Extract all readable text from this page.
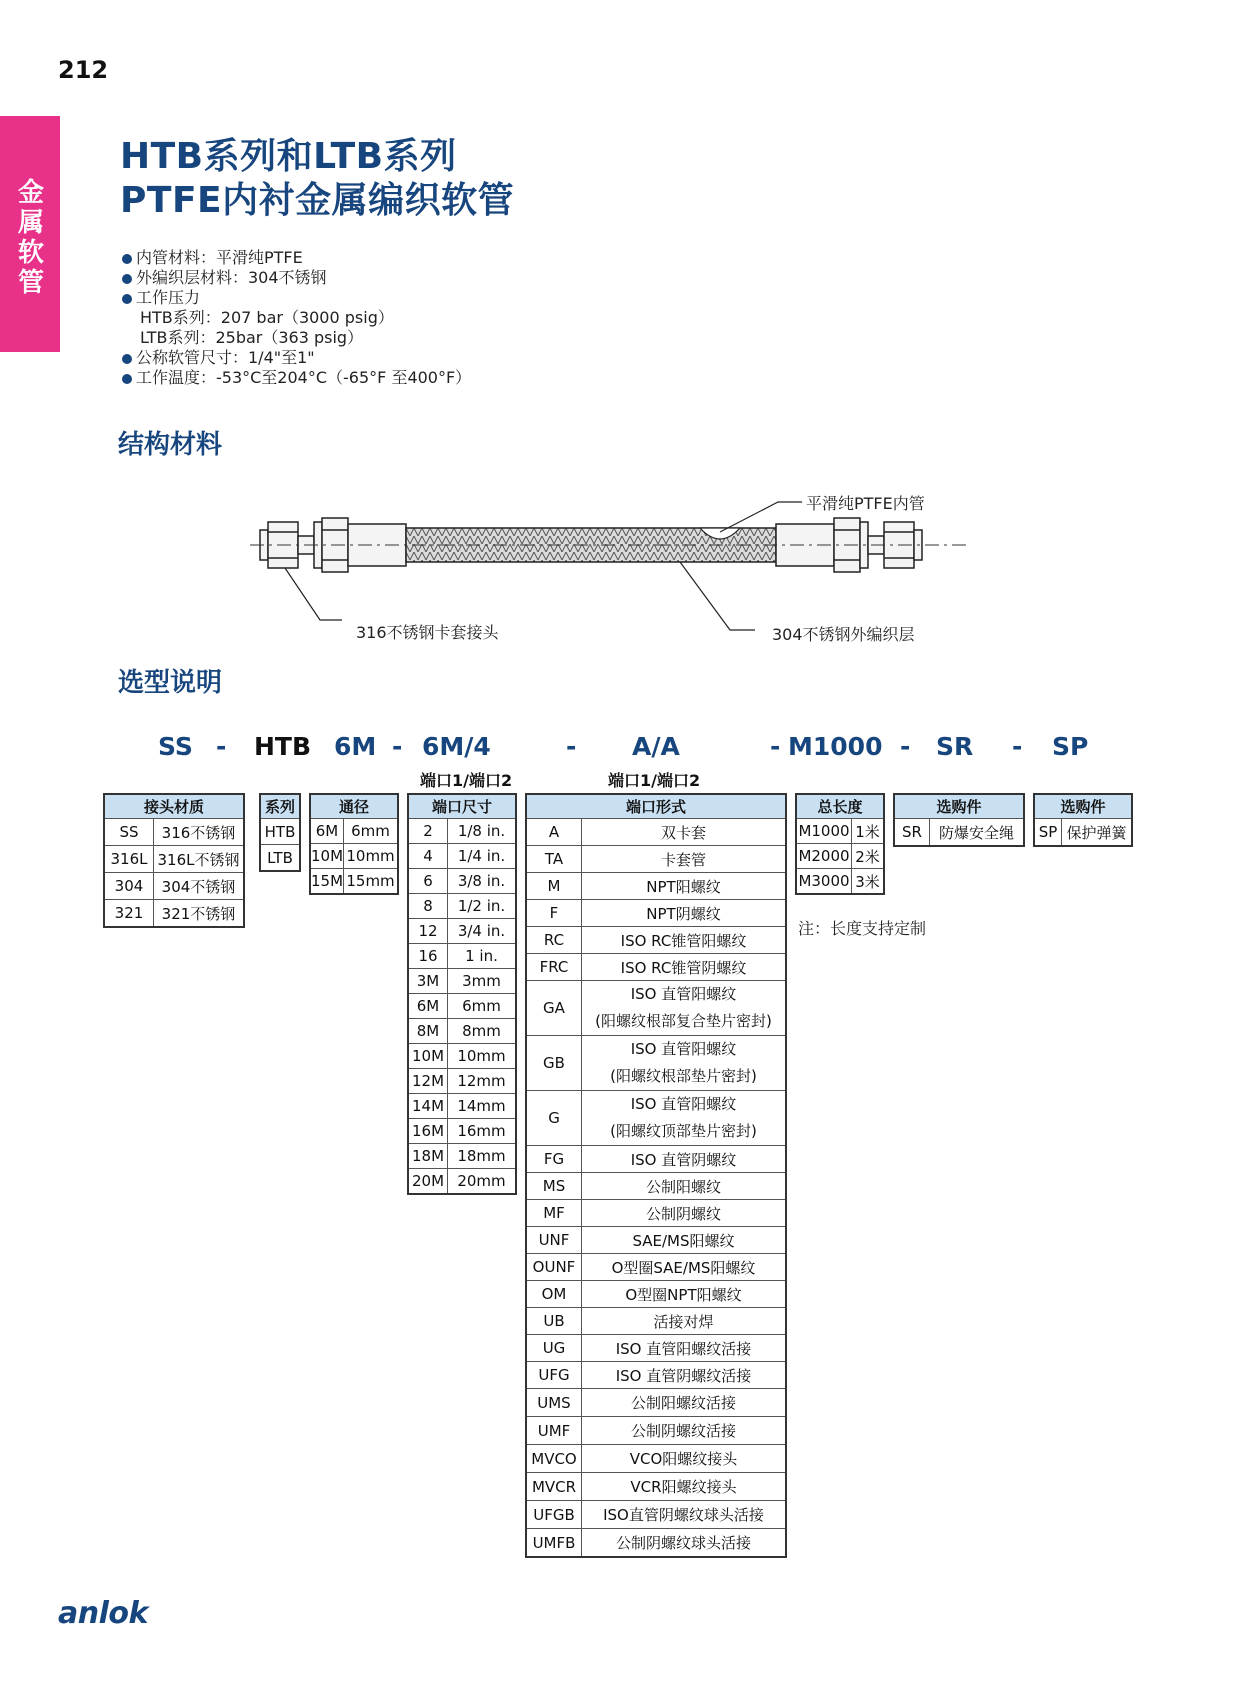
212
金属软管
HTB系列和LTB系列
PTFE内衬金属编织软管
内管材料：平滑纯PTFE
外编织层材料：304不锈钢
工作压力
HTB系列：207 bar（3000 psig）
LTB系列：25bar（363 psig）
公称软管尺寸：1/4"至1"
工作温度：-53°C至204°C（-65°F 至400°F）
结构材料
平滑纯PTFE内管
316不锈钢卡套接头	304不锈钢外编织层
选型说明
SS - HTB 6M - 6M/4	- A/A	- M1000 - SR - SP
端口1/端口2	端口1/端口2
接头材质	
SS	316不锈钢
316L	316L不锈钢
304	304不锈钢
321	321不锈钢
系列
HTB
LTB
通径	
6M	6mm
10M	10mm
15M	15mm
端口尺寸	
2	1/8 in.
4	1/4 in.
6	3/8 in.
8	1/2 in.
12	3/4 in.
16	1 in.
3M	3mm
6M	6mm
8M	8mm
10M	10mm
12M	12mm
14M	14mm
16M	16mm
18M	18mm
20M	20mm
端口形式	
A	双卡套
TA	卡套管
M	NPT阳螺纹
F	NPT阴螺纹
RC	ISO RC锥管阳螺纹
FRC	ISO RC锥管阴螺纹
GA	ISO 直管阳螺纹
(阳螺纹根部复合垫片密封)

GB	ISO 直管阳螺纹
(阳螺纹根部垫片密封)

G	ISO 直管阳螺纹
(阳螺纹顶部垫片密封)

FG	ISO 直管阴螺纹
MS	公制阳螺纹
MF	公制阴螺纹
UNF	SAE/MS阳螺纹
OUNF	O型圈SAE/MS阳螺纹
OM	O型圈NPT阳螺纹
UB	活接对焊
UG	ISO 直管阳螺纹活接
UFG	ISO 直管阴螺纹活接
UMS	公制阳螺纹活接
UMF	公制阴螺纹活接
MVCO	VCO阳螺纹接头
MVCR	VCR阳螺纹接头
UFGB	ISO直管阴螺纹球头活接
UMFB	公制阴螺纹球头活接
总长度	
M1000	1米
M2000	2米
M3000	3米
选购件
SR	防爆安全绳
选购件
SP	保护弹簧
注：长度支持定制
anlok
